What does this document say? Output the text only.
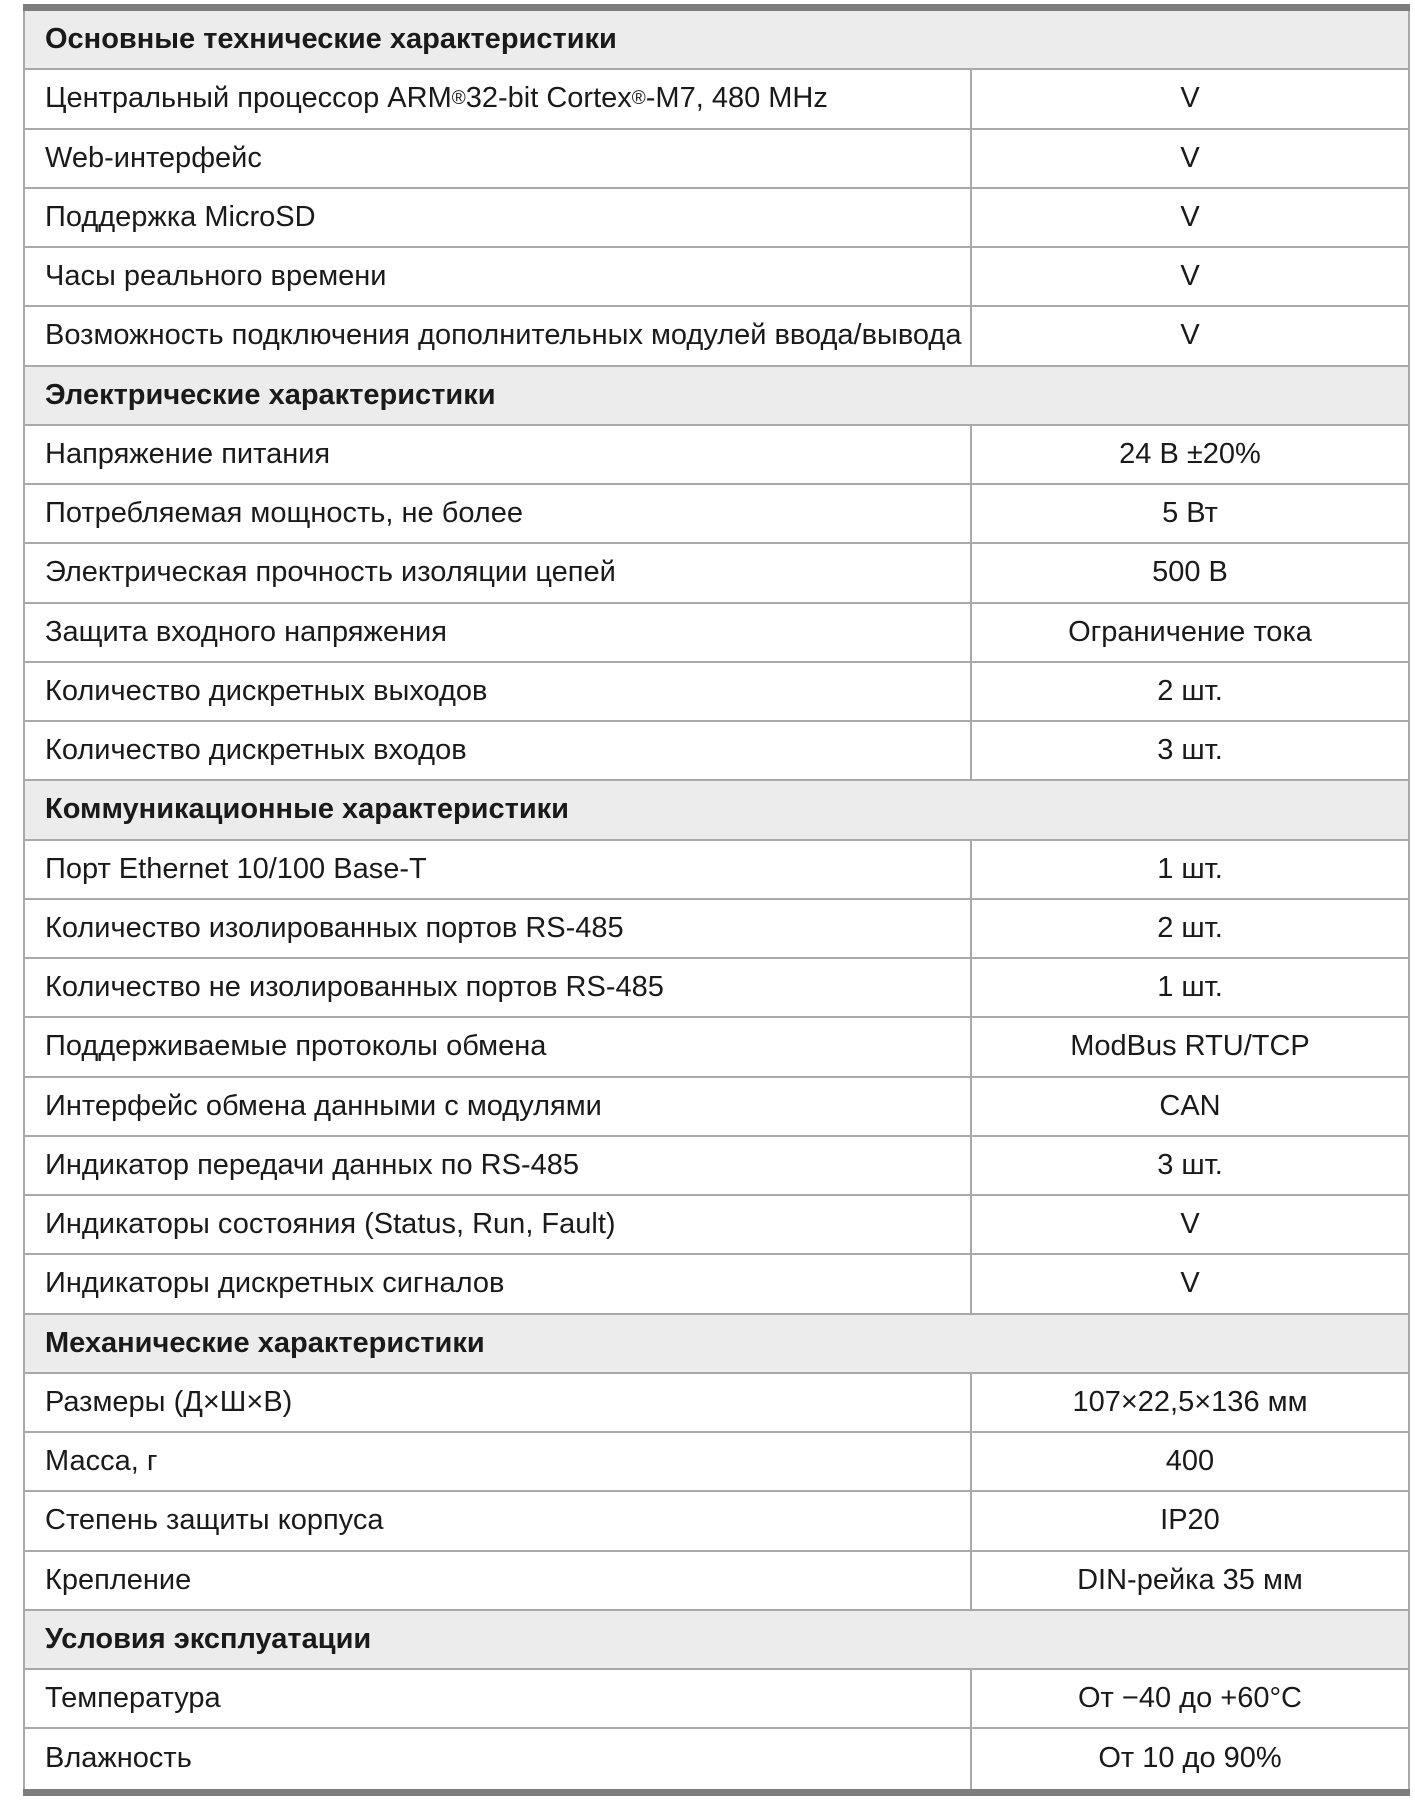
Основные технические характеристики
Центральный процессор ARM ® 32-bit Cortex ® -M7, 480 MHz	V
Web-интерфейс	V
Поддержка MicroSD	V
Часы реального времени	V
Возможность подключения дополнительных модулей ввода/вывода	V
Электрические характеристики
Напряжение питания	24 В ±20%
Потребляемая мощность, не более	5 Вт
Электрическая прочность изоляции цепей	500 В
Защита входного напряжения	Ограничение тока
Количество дискретных выходов	2 шт.
Количество дискретных входов	3 шт.
Коммуникационные характеристики
Порт Ethernet 10/100 Base-T	1 шт.
Количество изолированных портов RS-485	2 шт.
Количество не изолированных портов RS-485	1 шт.
Поддерживаемые протоколы обмена	ModBus RTU/TCP
Интерфейс обмена данными с модулями	CAN
Индикатор передачи данных по RS-485	3 шт.
Индикаторы состояния (Status, Run, Fault)	V
Индикаторы дискретных сигналов	V
Механические характеристики
Размеры (Д×Ш×В)	107×22,5×136 мм
Масса, г	400
Степень защиты корпуса	IP20
Крепление	DIN-рейка 35 мм
Условия эксплуатации
Температура	От −40 до +60°C
Влажность	От 10 до 90%
